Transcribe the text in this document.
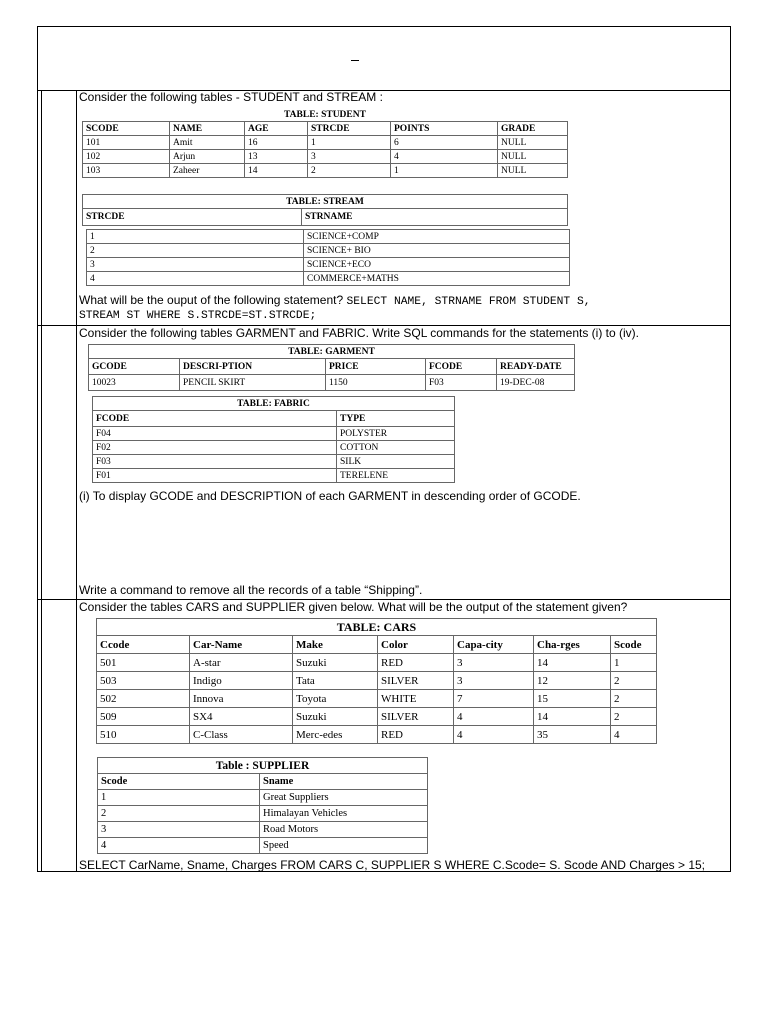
Consider the following tables - STUDENT and STREAM :
TABLE: STUDENT					
SCODE	NAME	AGE	STRCDE	POINTS	GRADE
101	Amit	16	1	6	NULL
102	Arjun	13	3	4	NULL
103	Zaheer	14	2	1	NULL
TABLE: STREAM
STRCDE	STRNAME
1	SCIENCE+COMP
2	SCIENCE+ BIO
3	SCIENCE+ECO
4	COMMERCE+MATHS
What will be the ouput of the following statement? SELECT NAME, STRNAME FROM STUDENT S,
STREAM ST WHERE S.STRCDE=ST.STRCDE;
Consider the following tables GARMENT and FABRIC. Write SQL commands for the statements (i) to (iv).
TABLE: GARMENT				
GCODE	DESCRI-PTION	PRICE	FCODE	READY-DATE
10023	PENCIL SKIRT	1150	F03	19-DEC-08
TABLE: FABRIC	
FCODE	TYPE
F04	POLYSTER
F02	COTTON
F03	SILK
F01	TERELENE
(i) To display GCODE and DESCRIPTION of each GARMENT in descending order of GCODE.
Write a command to remove all the records of a table “Shipping”.
Consider the tables CARS and SUPPLIER given below. What will be the output of the statement given?
TABLE: CARS						
Ccode	Car-Name	Make	Color	Capa-city	Cha-rges	Scode
501	A-star	Suzuki	RED	3	14	1
503	Indigo	Tata	SILVER	3	12	2
502	Innova	Toyota	WHITE	7	15	2
509	SX4	Suzuki	SILVER	4	14	2
510	C-Class	Merc-edes	RED	4	35	4
Table : SUPPLIER	
Scode	Sname
1	Great Suppliers
2	Himalayan Vehicles
3	Road Motors
4	Speed
SELECT CarName, Sname, Charges FROM CARS C, SUPPLIER S WHERE C.Scode= S. Scode AND Charges > 15;
